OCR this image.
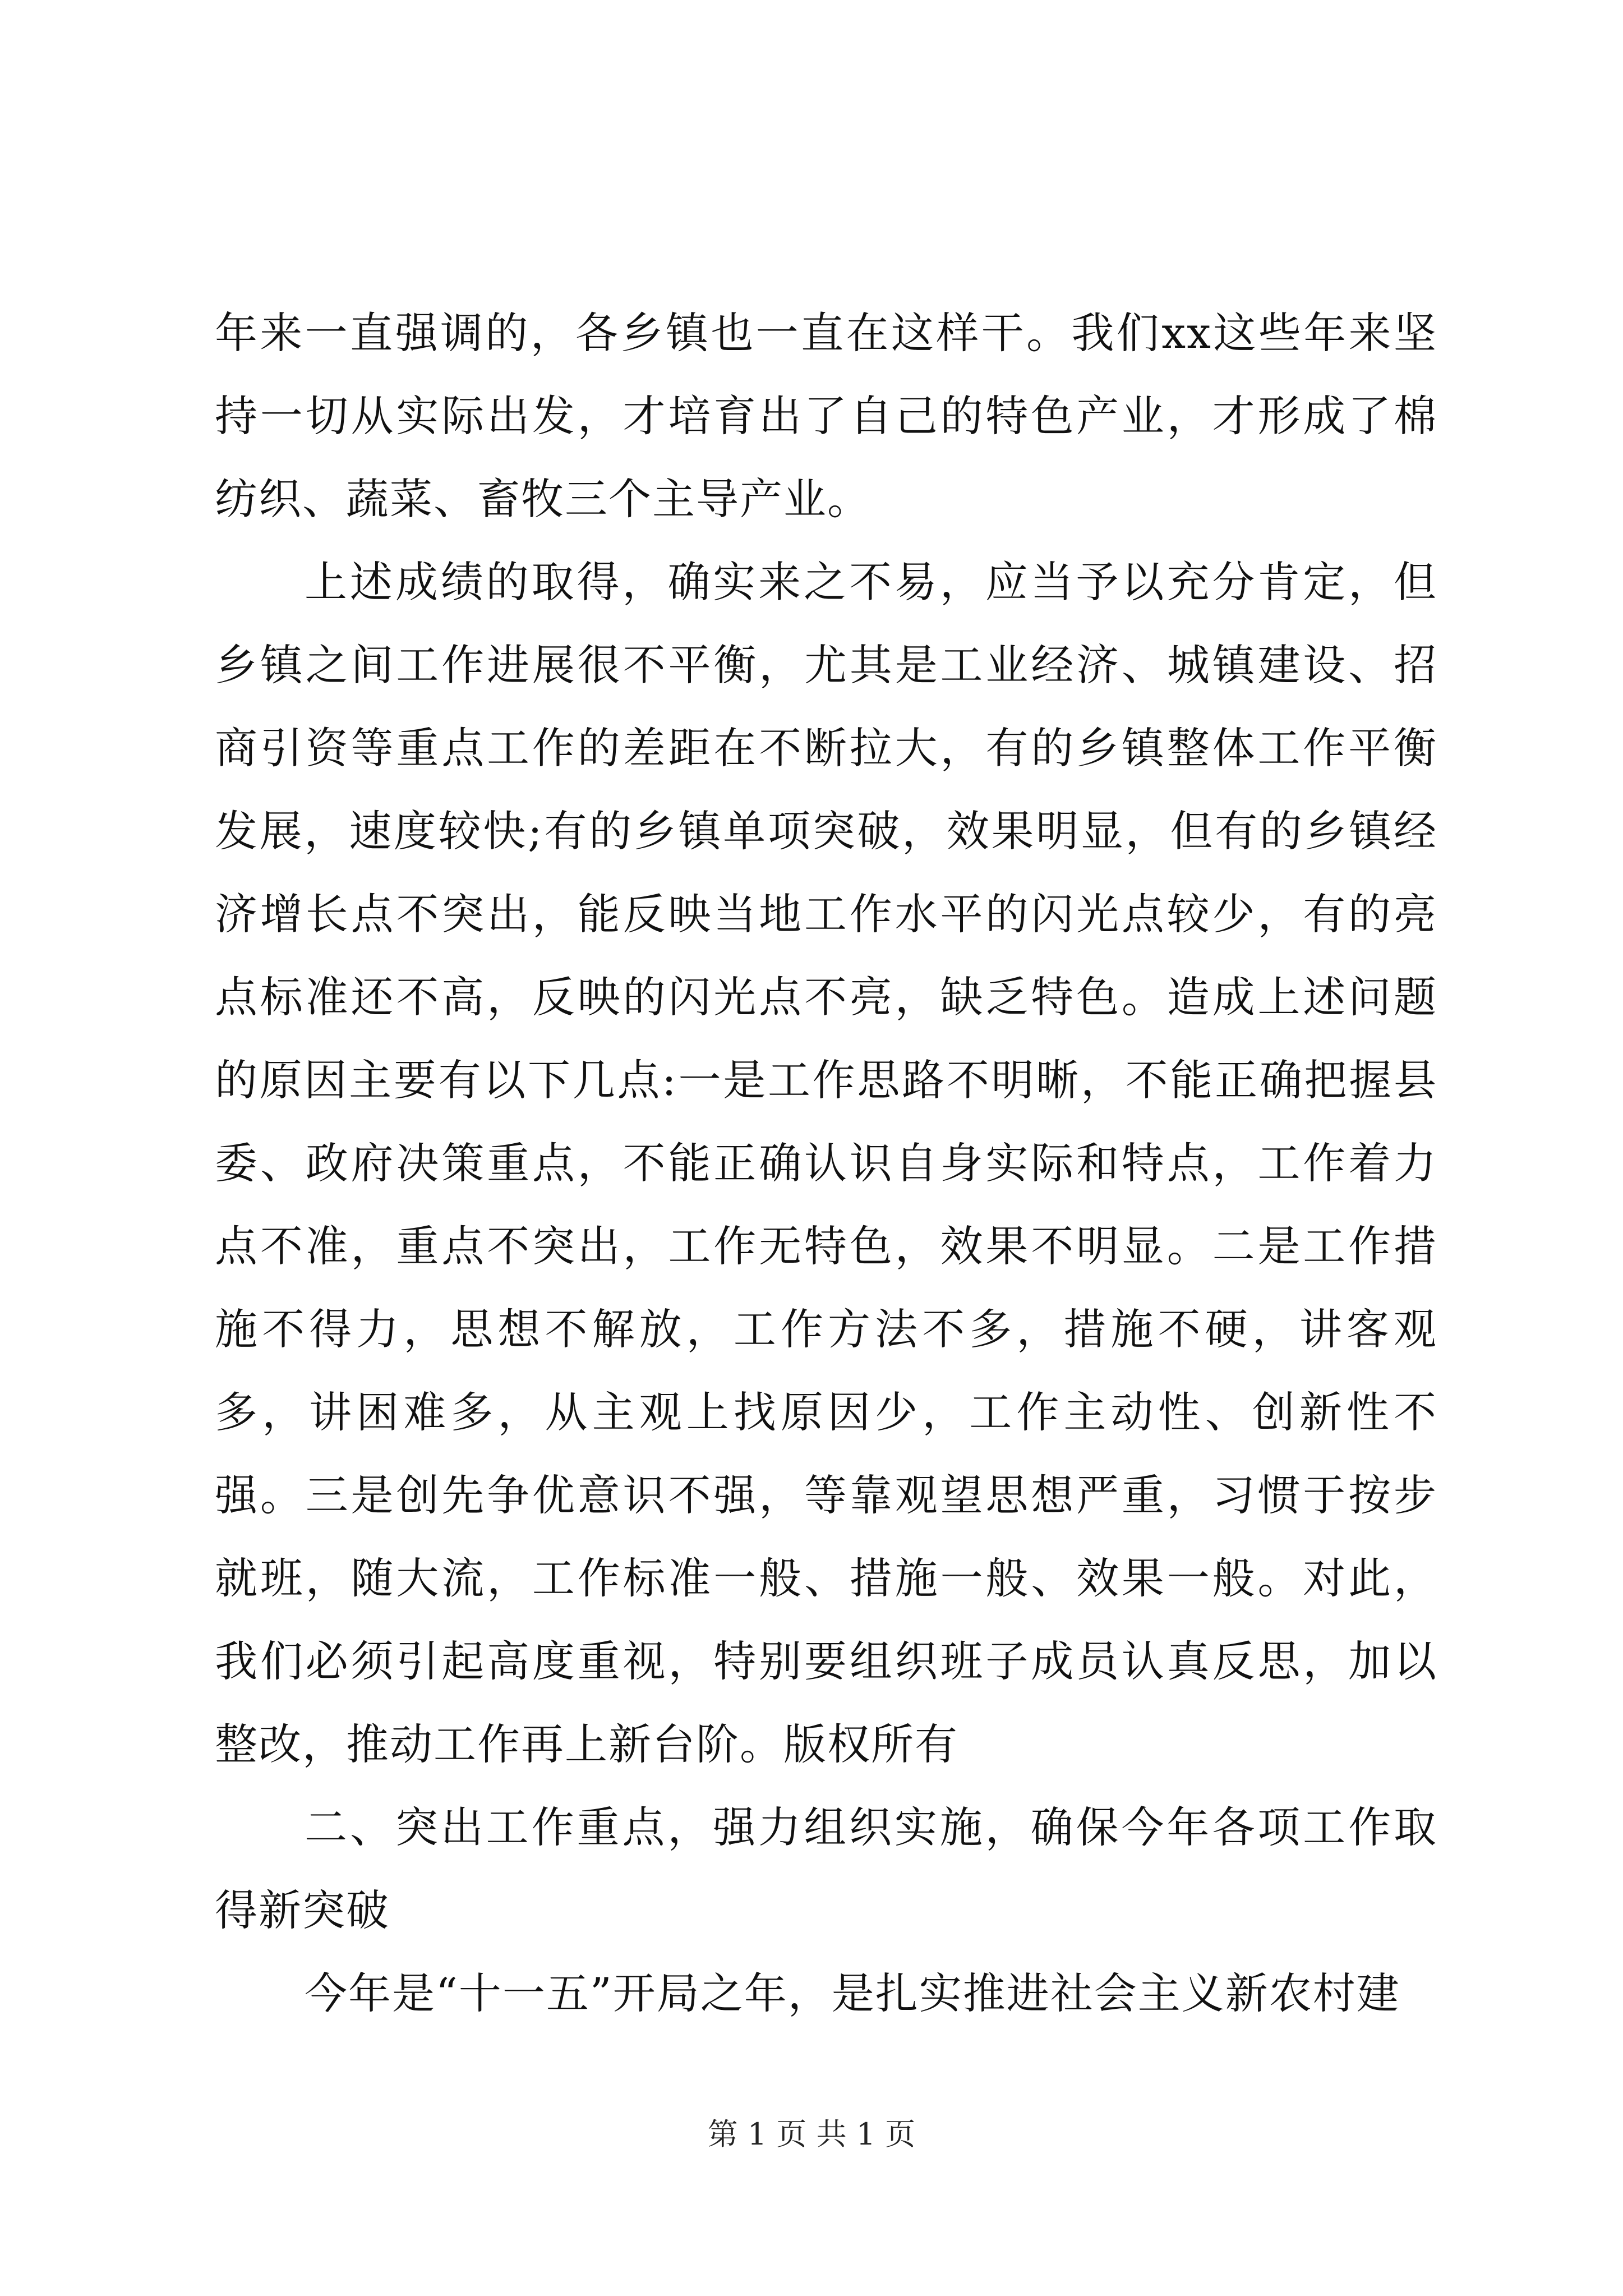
年来一直强调的，各乡镇也一直在这样干。我们xx这些年来坚持一切从实际出发，才培育出了自己的特色产业，才形成了棉纺织、蔬菜、畜牧三个主导产业。

上述成绩的取得，确实来之不易，应当予以充分肯定，但乡镇之间工作进展很不平衡，尤其是工业经济、城镇建设、招商引资等重点工作的差距在不断拉大，有的乡镇整体工作平衡发展，速度较快;有的乡镇单项突破，效果明显，但有的乡镇经济增长点不突出，能反映当地工作水平的闪光点较少，有的亮点标准还不高，反映的闪光点不亮，缺乏特色。造成上述问题的原因主要有以下几点:一是工作思路不明晰，不能正确把握县委、政府决策重点，不能正确认识自身实际和特点，工作着力点不准，重点不突出，工作无特色，效果不明显。二是工作措施不得力，思想不解放，工作方法不多，措施不硬，讲客观多，讲困难多，从主观上找原因少，工作主动性、创新性不强。三是创先争优意识不强，等靠观望思想严重，习惯于按步就班，随大流，工作标准一般、措施一般、效果一般。对此，我们必须引起高度重视，特别要组织班子成员认真反思，加以整改，推动工作再上新台阶。版权所有

二、突出工作重点，强力组织实施，确保今年各项工作取得新突破

今年是“十一五”开局之年，是扎实推进社会主义新农村建

第 1 页 共 1 页
